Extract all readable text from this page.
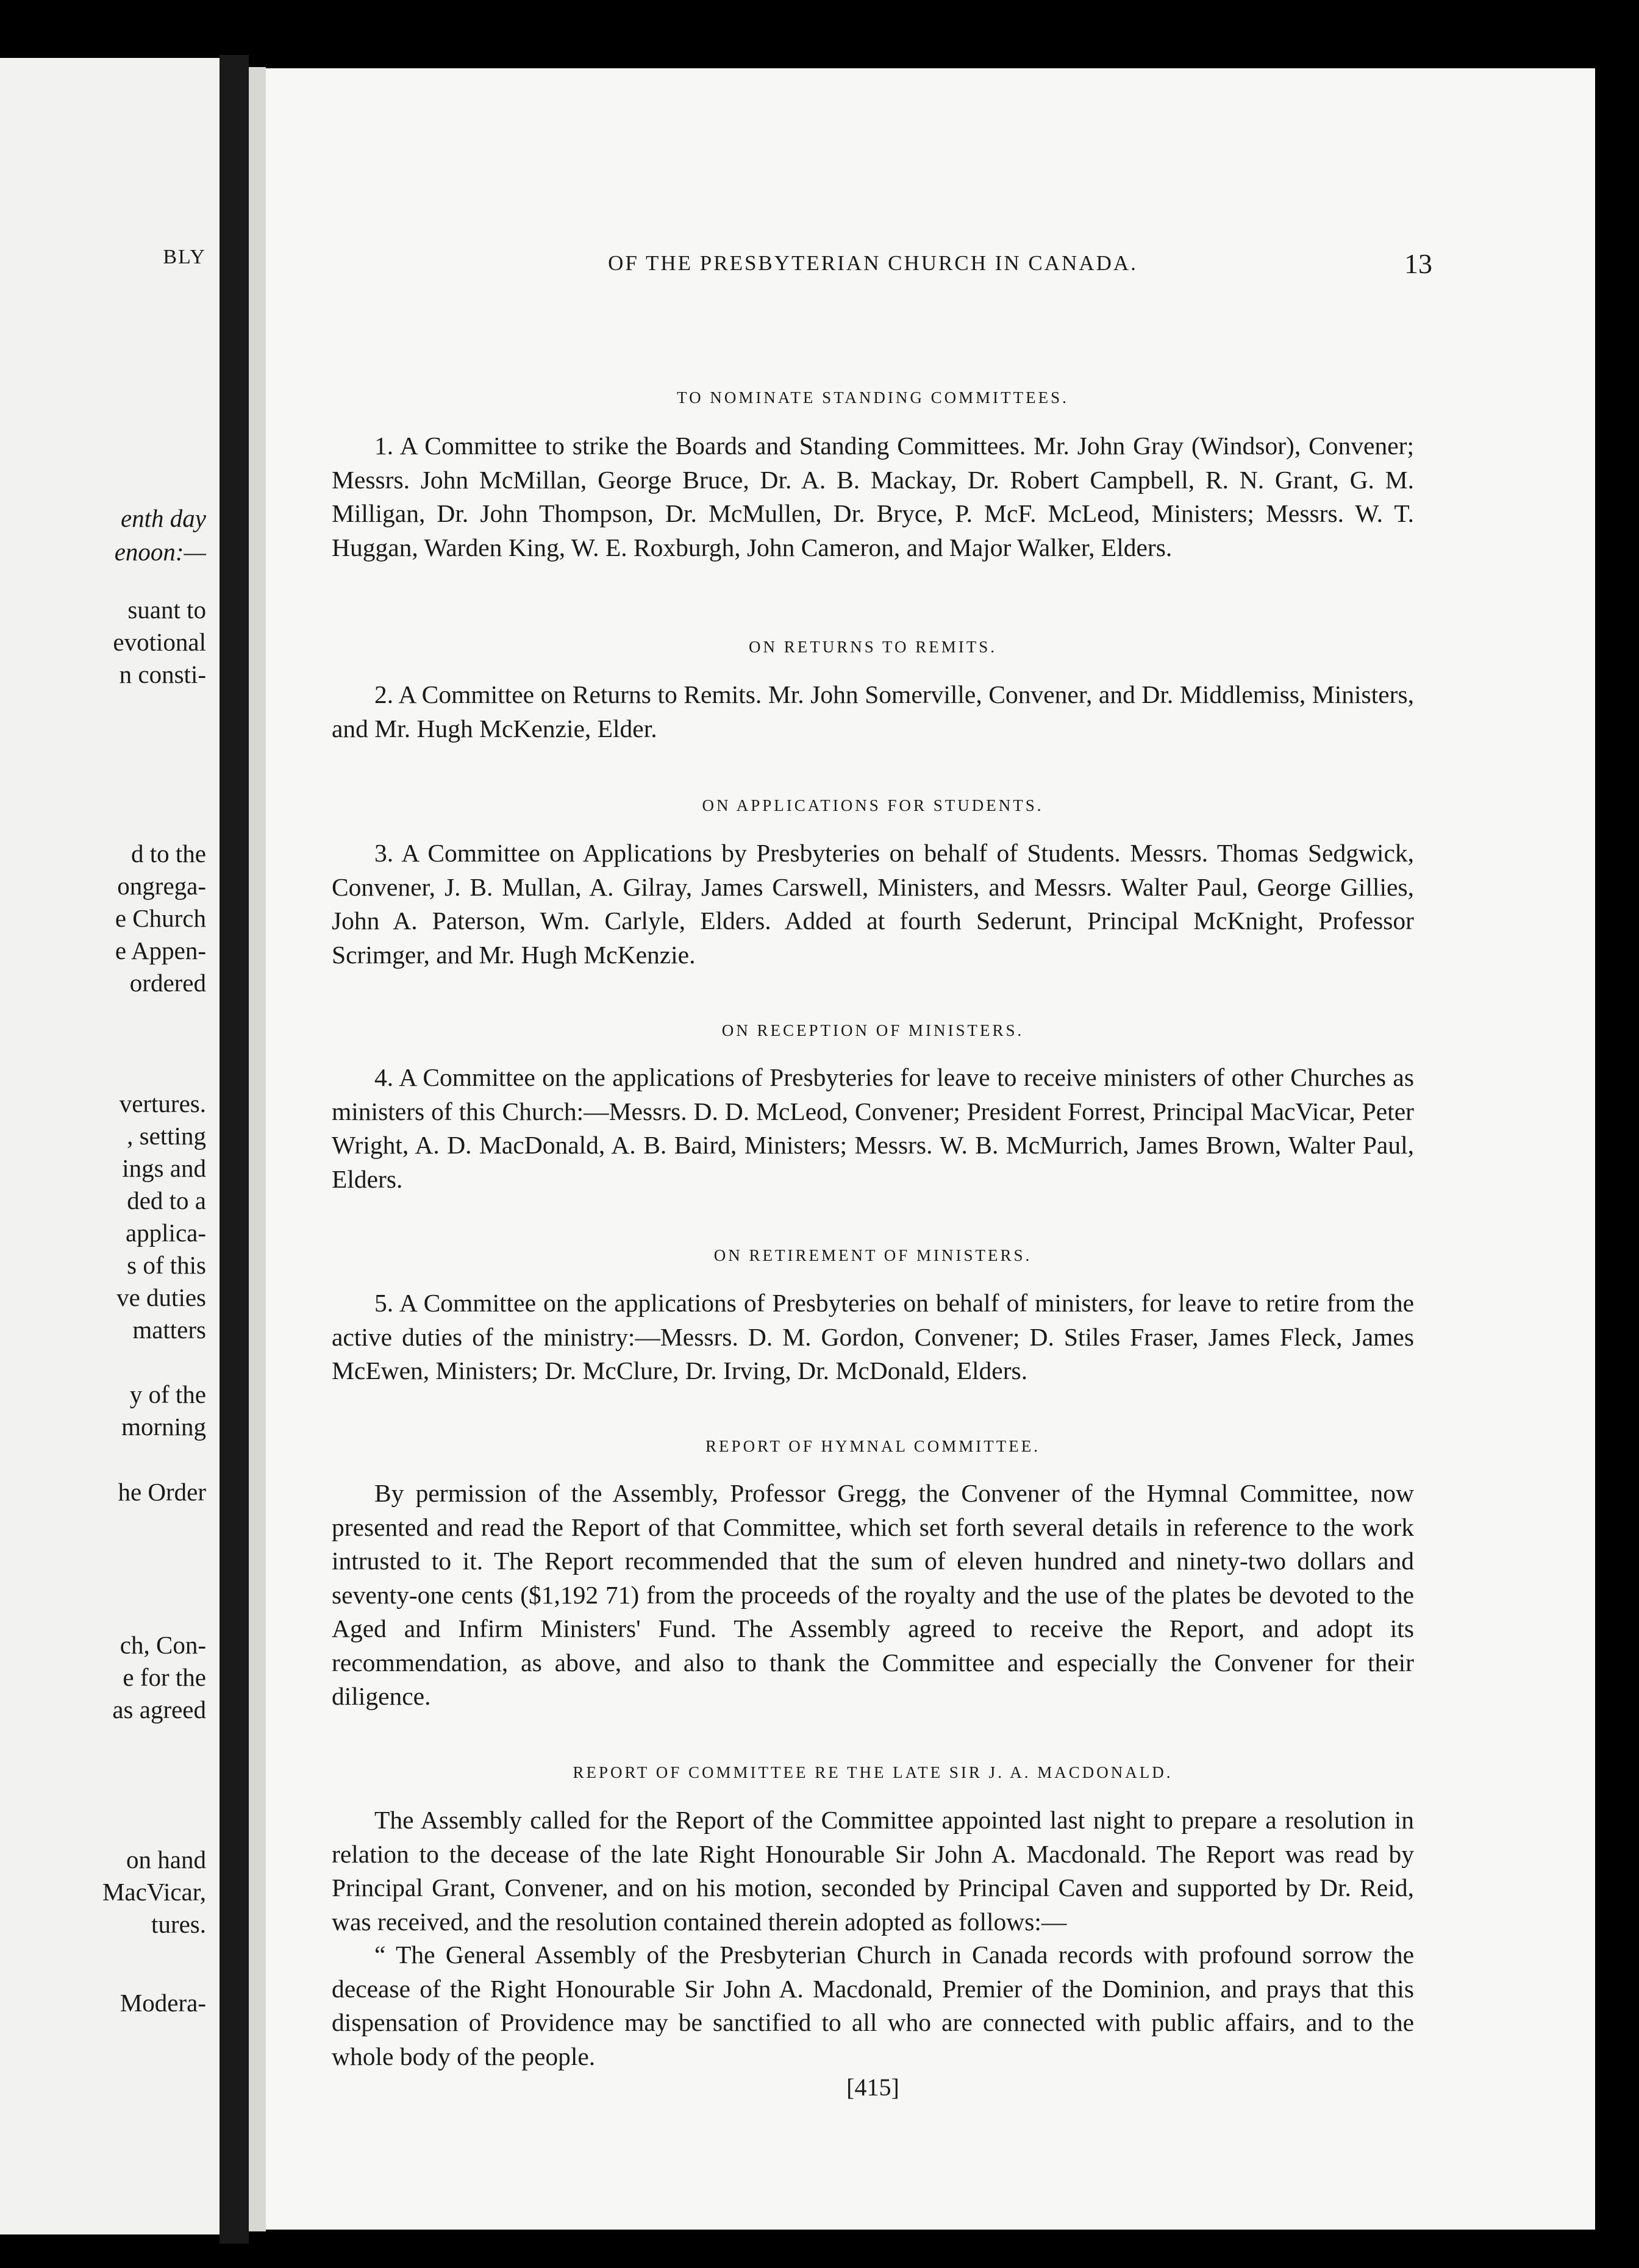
BLY
enth day
enoon:—
suant to
evotional
n consti-
d to the
ongrega-
e Church
e Appen-
ordered
vertures.
, setting
ings and
ded to a
applica-
s of this
ve duties
matters
y of the
morning
he Order
ch, Con-
e for the
as agreed
on hand
MacVicar,
tures.
Modera-
OF THE PRESBYTERIAN CHURCH IN CANADA.	13
TO NOMINATE STANDING COMMITTEES.

1. A Committee to strike the Boards and Standing Committees. Mr. John Gray (Windsor), Convener; Messrs. John McMillan, George Bruce, Dr. A. B. Mackay, Dr. Robert Campbell, R. N. Grant, G. M. Milligan, Dr. John Thompson, Dr. McMullen, Dr. Bryce, P. McF. McLeod, Ministers; Messrs. W. T. Huggan, Warden King, W. E. Roxburgh, John Cameron, and Major Walker, Elders.

ON RETURNS TO REMITS.

2. A Committee on Returns to Remits. Mr. John Somerville, Convener, and Dr. Middlemiss, Ministers, and Mr. Hugh McKenzie, Elder.

ON APPLICATIONS FOR STUDENTS.

3. A Committee on Applications by Presbyteries on behalf of Students. Messrs. Thomas Sedgwick, Convener, J. B. Mullan, A. Gilray, James Carswell, Ministers, and Messrs. Walter Paul, George Gillies, John A. Paterson, Wm. Carlyle, Elders. Added at fourth Sederunt, Principal McKnight, Professor Scrimger, and Mr. Hugh McKenzie.

ON RECEPTION OF MINISTERS.

4. A Committee on the applications of Presbyteries for leave to receive ministers of other Churches as ministers of this Church:—Messrs. D. D. McLeod, Convener; President Forrest, Principal MacVicar, Peter Wright, A. D. MacDonald, A. B. Baird, Ministers; Messrs. W. B. McMurrich, James Brown, Walter Paul, Elders.

ON RETIREMENT OF MINISTERS.

5. A Committee on the applications of Presbyteries on behalf of ministers, for leave to retire from the active duties of the ministry:—Messrs. D. M. Gordon, Convener; D. Stiles Fraser, James Fleck, James McEwen, Ministers; Dr. McClure, Dr. Irving, Dr. McDonald, Elders.

REPORT OF HYMNAL COMMITTEE.

By permission of the Assembly, Professor Gregg, the Convener of the Hymnal Committee, now presented and read the Report of that Committee, which set forth several details in reference to the work intrusted to it. The Report recommended that the sum of eleven hundred and ninety-two dollars and seventy-one cents ($1,192 71) from the proceeds of the royalty and the use of the plates be devoted to the Aged and Infirm Ministers' Fund. The Assembly agreed to receive the Report, and adopt its recommendation, as above, and also to thank the Committee and especially the Convener for their diligence.

REPORT OF COMMITTEE RE THE LATE SIR J. A. MACDONALD.

The Assembly called for the Report of the Committee appointed last night to prepare a resolution in relation to the decease of the late Right Honourable Sir John A. Macdonald. The Report was read by Principal Grant, Convener, and on his motion, seconded by Principal Caven and supported by Dr. Reid, was received, and the resolution contained therein adopted as follows:—

“ The General Assembly of the Presbyterian Church in Canada records with profound sorrow the decease of the Right Honourable Sir John A. Macdonald, Premier of the Dominion, and prays that this dispensation of Providence may be sanctified to all who are connected with public affairs, and to the whole body of the people.

[415]
